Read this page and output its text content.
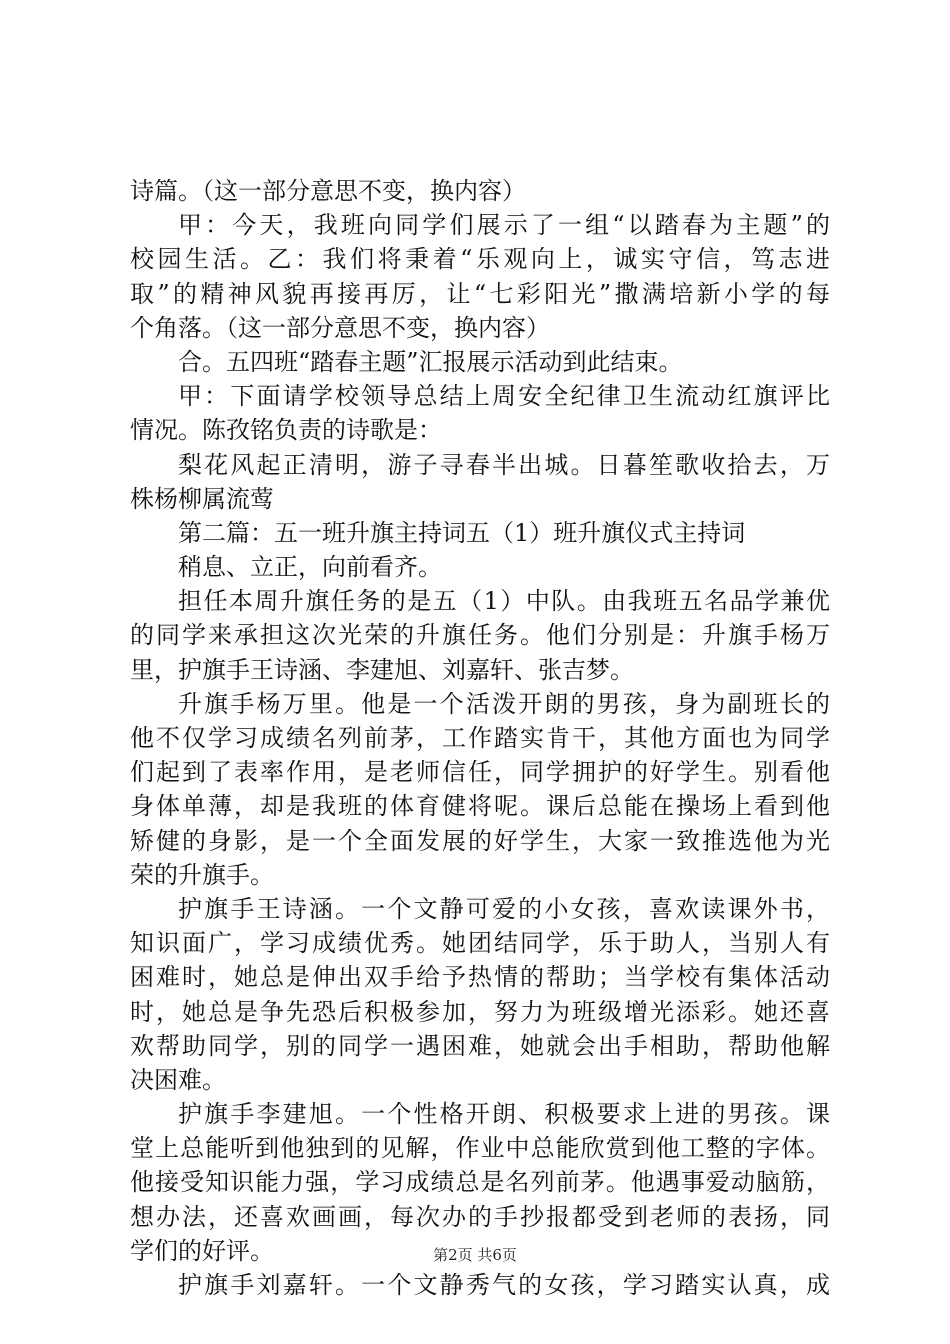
诗篇。（这一部分意思不变，换内容）
甲：今天，我班向同学们展示了一组“以踏春为主题”的
校园生活。乙：我们将秉着“乐观向上，诚实守信，笃志进
取”的精神风貌再接再厉，让“七彩阳光”撒满培新小学的每
个角落。（这一部分意思不变，换内容）
合。五四班“踏春主题”汇报展示活动到此结束。
甲：下面请学校领导总结上周安全纪律卫生流动红旗评比
情况。陈孜铭负责的诗歌是：
梨花风起正清明，游子寻春半出城。日暮笙歌收拾去，万
株杨柳属流莺
第二篇：五一班升旗主持词五（1）班升旗仪式主持词
稍息、立正，向前看齐。
担任本周升旗任务的是五（1）中队。由我班五名品学兼优
的同学来承担这次光荣的升旗任务。他们分别是：升旗手杨万
里，护旗手王诗涵、李建旭、刘嘉轩、张吉梦。
升旗手杨万里。他是一个活泼开朗的男孩，身为副班长的
他不仅学习成绩名列前茅，工作踏实肯干，其他方面也为同学
们起到了表率作用，是老师信任，同学拥护的好学生。别看他
身体单薄，却是我班的体育健将呢。课后总能在操场上看到他
矫健的身影，是一个全面发展的好学生，大家一致推选他为光
荣的升旗手。
护旗手王诗涵。一个文静可爱的小女孩，喜欢读课外书，
知识面广，学习成绩优秀。她团结同学，乐于助人，当别人有
困难时，她总是伸出双手给予热情的帮助；当学校有集体活动
时，她总是争先恐后积极参加，努力为班级增光添彩。她还喜
欢帮助同学，别的同学一遇困难，她就会出手相助，帮助他解
决困难。
护旗手李建旭。一个性格开朗、积极要求上进的男孩。课
堂上总能听到他独到的见解，作业中总能欣赏到他工整的字体。
他接受知识能力强，学习成绩总是名列前茅。他遇事爱动脑筋，
想办法，还喜欢画画，每次办的手抄报都受到老师的表扬，同
学们的好评。
护旗手刘嘉轩。一个文静秀气的女孩，学习踏实认真，成
第2页 共6页
